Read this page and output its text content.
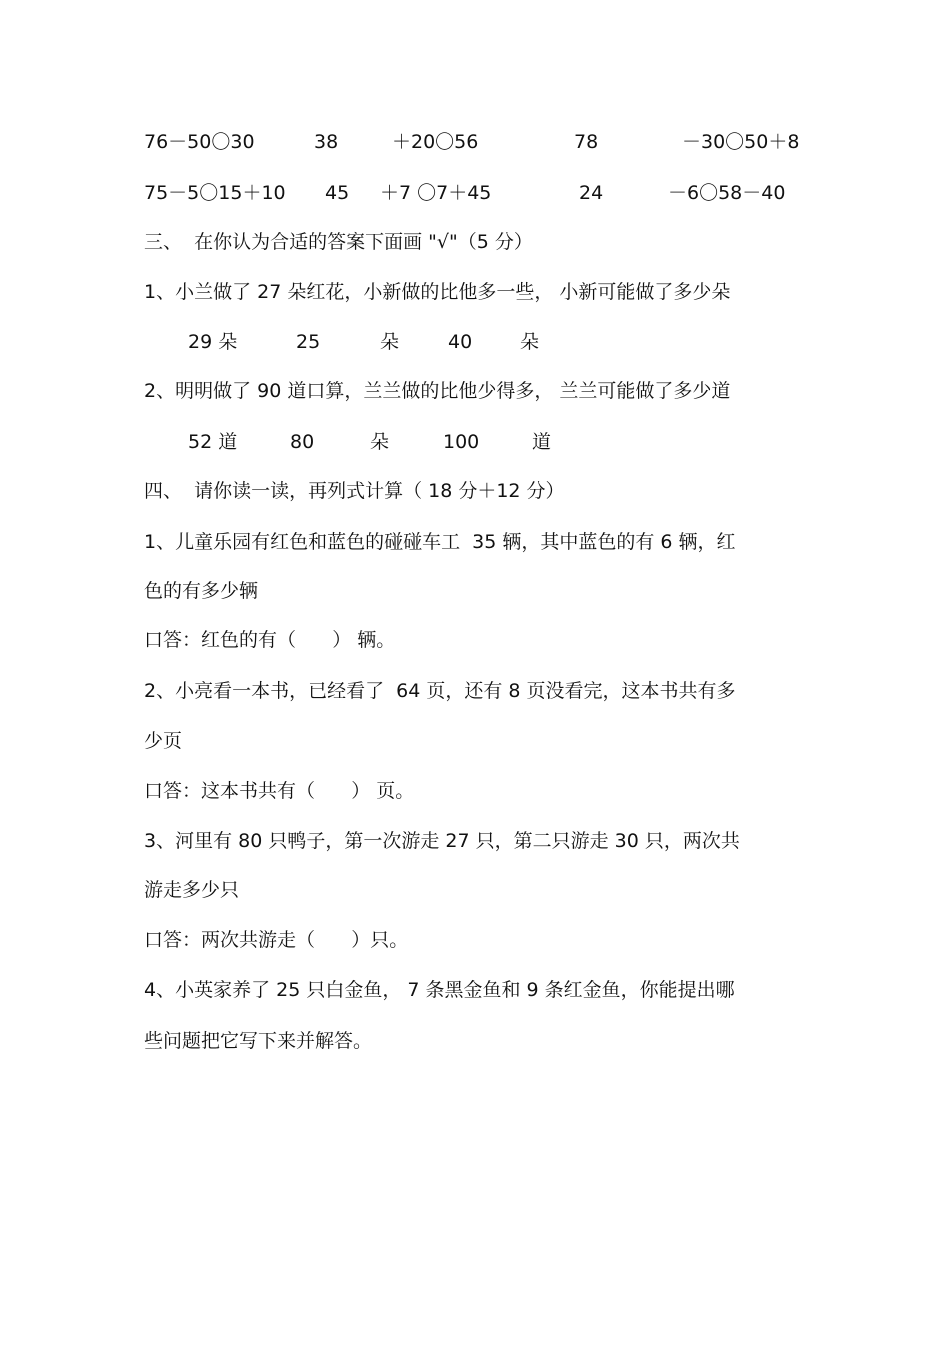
76－50〇30	38	＋20〇56	78	－30〇50＋8
75－5〇15＋10 45 ＋7 〇7＋45	24	－6〇58－40
三、  在你认为合适的答案下面画 "√"（5 分）
1、小兰做了 27 朵红花，小新做的比他多一些， 小新可能做了多少朵
29 朵	25	朵	40	朵
2、明明做了 90 道口算，兰兰做的比他少得多， 兰兰可能做了多少道
52 道	80	朵	100	道
四、  请你读一读，再列式计算（ 18 分＋12 分）
1、儿童乐园有红色和蓝色的碰碰车工  35 辆，其中蓝色的有 6 辆，红
色的有多少辆
口答：红色的有（      ） 辆。
2、小亮看一本书，已经看了  64 页，还有 8 页没看完，这本书共有多
少页
口答：这本书共有（      ） 页。
3、河里有 80 只鸭子，第一次游走 27 只，第二只游走 30 只，两次共
游走多少只
口答：两次共游走（      ）只。
4、小英家养了 25 只白金鱼， 7 条黑金鱼和 9 条红金鱼，你能提出哪
些问题把它写下来并解答。
